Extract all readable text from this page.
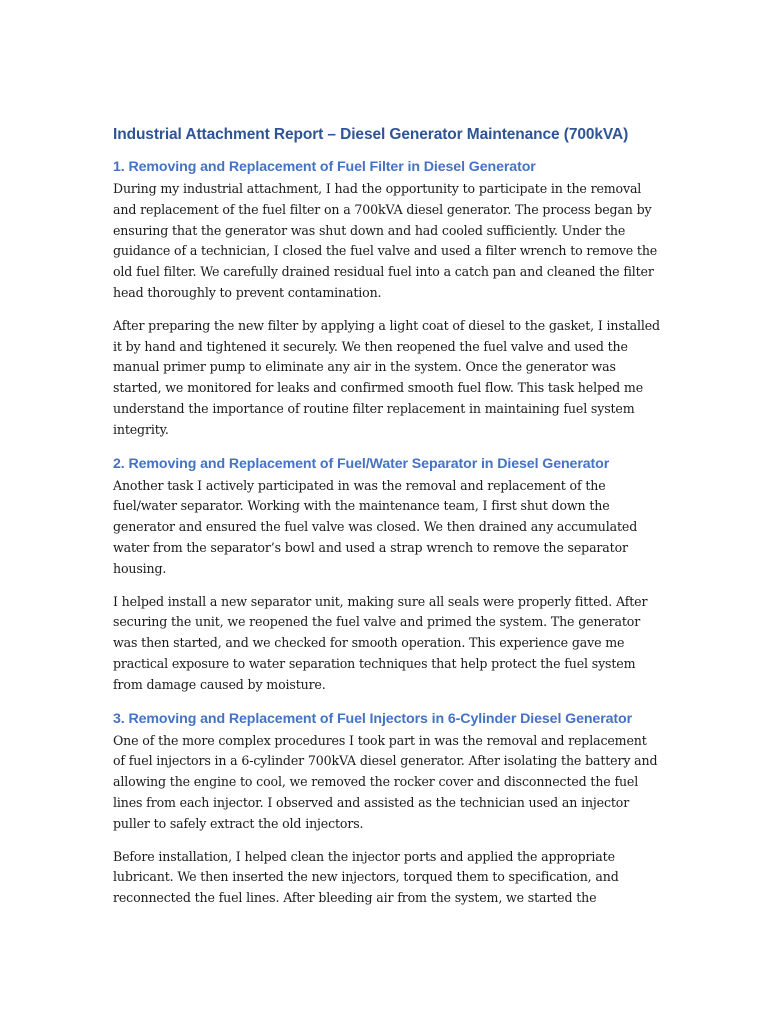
Industrial Attachment Report – Diesel Generator Maintenance (700kVA)
1. Removing and Replacement of Fuel Filter in Diesel Generator

During my industrial attachment, I had the opportunity to participate in the removal and replacement of the fuel filter on a 700kVA diesel generator. The process began by ensuring that the generator was shut down and had cooled sufficiently. Under the guidance of a technician, I closed the fuel valve and used a filter wrench to remove the old fuel filter. We carefully drained residual fuel into a catch pan and cleaned the filter head thoroughly to prevent contamination.

After preparing the new filter by applying a light coat of diesel to the gasket, I installed it by hand and tightened it securely. We then reopened the fuel valve and used the manual primer pump to eliminate any air in the system. Once the generator was started, we monitored for leaks and confirmed smooth fuel flow. This task helped me understand the importance of routine filter replacement in maintaining fuel system integrity.

2. Removing and Replacement of Fuel/Water Separator in Diesel Generator

Another task I actively participated in was the removal and replacement of the fuel/water separator. Working with the maintenance team, I first shut down the generator and ensured the fuel valve was closed. We then drained any accumulated water from the separator’s bowl and used a strap wrench to remove the separator housing.

I helped install a new separator unit, making sure all seals were properly fitted. After securing the unit, we reopened the fuel valve and primed the system. The generator was then started, and we checked for smooth operation. This experience gave me practical exposure to water separation techniques that help protect the fuel system from damage caused by moisture.

3. Removing and Replacement of Fuel Injectors in 6-Cylinder Diesel Generator

One of the more complex procedures I took part in was the removal and replacement of fuel injectors in a 6-cylinder 700kVA diesel generator. After isolating the battery and allowing the engine to cool, we removed the rocker cover and disconnected the fuel lines from each injector. I observed and assisted as the technician used an injector puller to safely extract the old injectors.

Before installation, I helped clean the injector ports and applied the appropriate lubricant. We then inserted the new injectors, torqued them to specification, and reconnected the fuel lines. After bleeding air from the system, we started the
